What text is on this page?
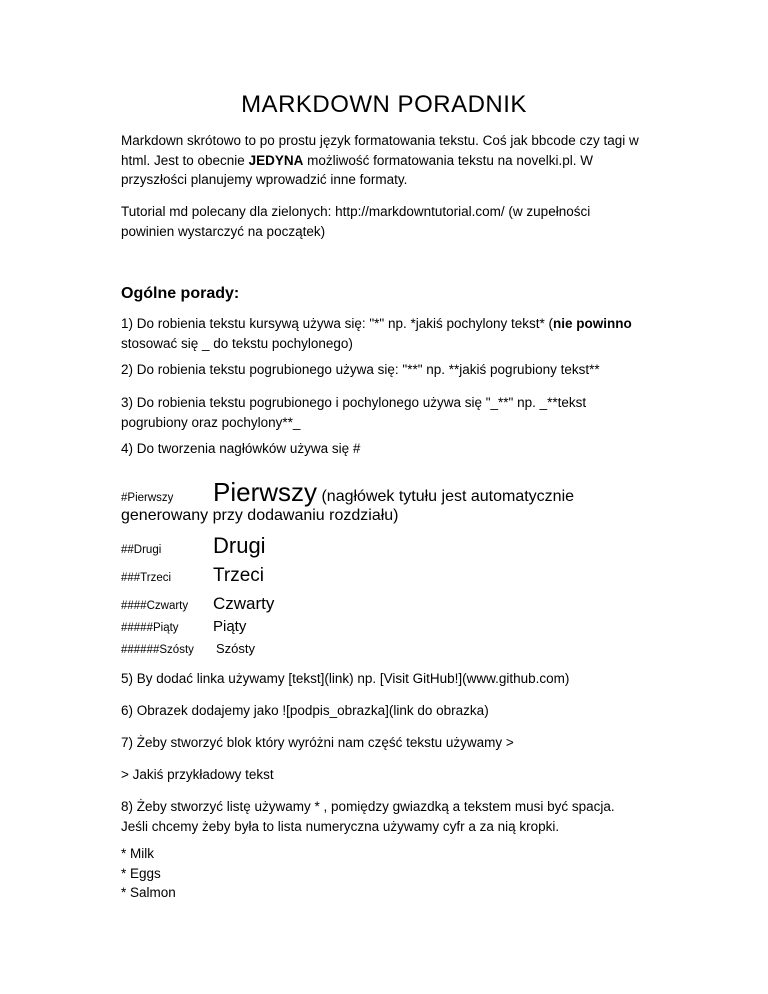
MARKDOWN PORADNIK
Markdown skrótowo to po prostu język formatowania tekstu. Coś jak bbcode czy tagi w html. Jest to obecnie JEDYNA możliwość formatowania tekstu na novelki.pl. W przyszłości planujemy wprowadzić inne formaty.
Tutorial md polecany dla zielonych: http://markdowntutorial.com/ (w zupełności powinien wystarczyć na początek)
Ogólne porady:
1) Do robienia tekstu kursywą używa się: "*" np. *jakiś pochylony tekst* (nie powinno stosować się _ do tekstu pochylonego)
2) Do robienia tekstu pogrubionego używa się: "**" np. **jakiś pogrubiony tekst**
3) Do robienia tekstu pogrubionego i pochylonego używa się "_**" np. _**tekst pogrubiony oraz pochylony**_
4) Do tworzenia nagłówków używa się #
#Pierwszy Pierwszy (nagłówek tytułu jest automatycznie
generowany przy dodawaniu rozdziału)
##Drugi Drugi
###Trzeci Trzeci
####Czwarty Czwarty
#####Piąty Piąty
######Szósty Szósty
5) By dodać linka używamy [tekst](link) np. [Visit GitHub!](www.github.com)
6) Obrazek dodajemy jako ![podpis_obrazka](link do obrazka)
7) Żeby stworzyć blok który wyróżni nam część tekstu używamy >
> Jakiś przykładowy tekst
8) Żeby stworzyć listę używamy * , pomiędzy gwiazdką a tekstem musi być spacja. Jeśli chcemy żeby była to lista numeryczna używamy cyfr a za nią kropki.
* Milk
* Eggs
* Salmon
